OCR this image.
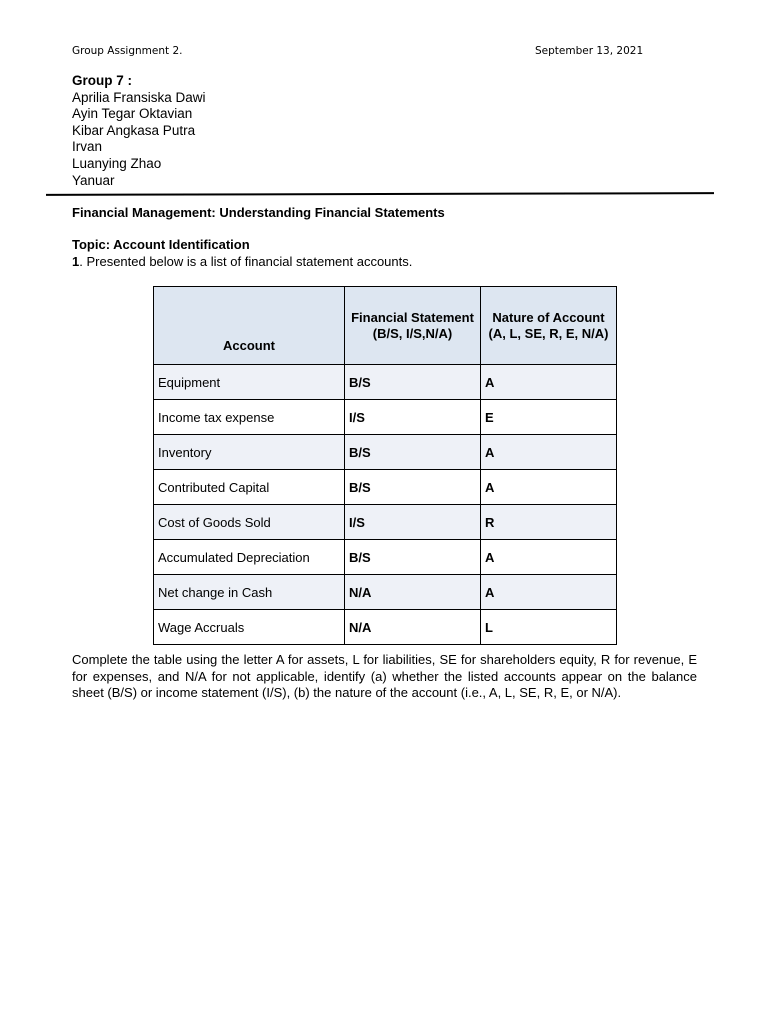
Group Assignment 2.	September 13, 2021
Group 7 :
Aprilia Fransiska Dawi
Ayin Tegar Oktavian
Kibar Angkasa Putra
Irvan
Luanying Zhao
Yanuar
Financial Management: Understanding Financial Statements
Topic: Account Identification
1. Presented below is a list of financial statement accounts.
Account	Financial Statement (B/S, I/S,N/A)	Nature of Account (A, L, SE, R, E, N/A)
Equipment	B/S	A
Income tax expense	I/S	E
Inventory	B/S	A
Contributed Capital	B/S	A
Cost of Goods Sold	I/S	R
Accumulated Depreciation	B/S	A
Net change in Cash	N/A	A
Wage Accruals	N/A	L
Complete the table using the letter A for assets, L for liabilities, SE for shareholders equity, R for revenue, E for expenses, and N/A for not applicable, identify (a) whether the listed accounts appear on the balance sheet (B/S) or income statement (I/S), (b) the nature of the account (i.e., A, L, SE, R, E, or N/A).
